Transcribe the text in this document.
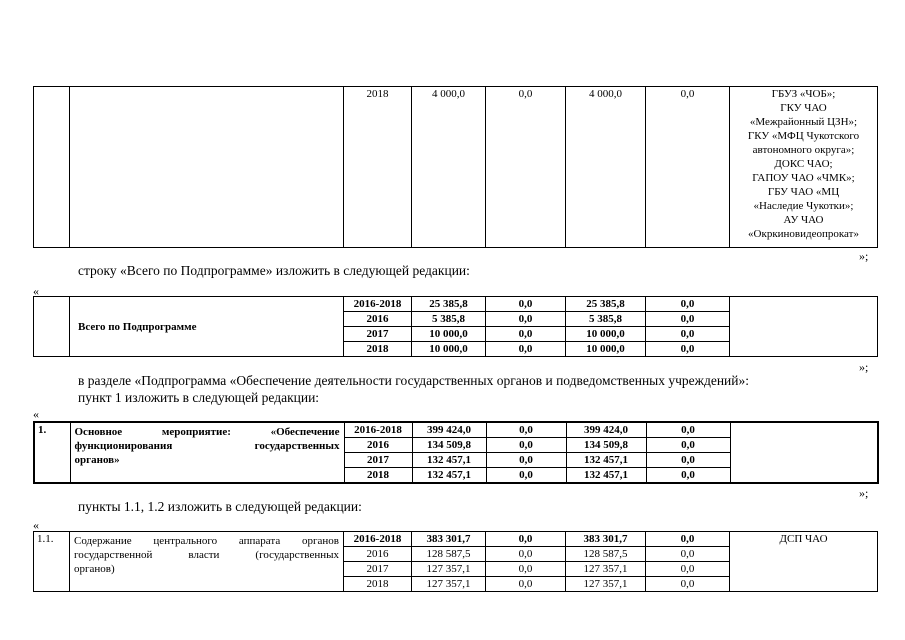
		2018	4 000,0	0,0	4 000,0	0,0	ГБУЗ «ЧОБ»;
ГКУ ЧАО
«Межрайонный ЦЗН»;
ГКУ «МФЦ Чукотского
автономного округа»;
ДОКС ЧАО;
ГАПОУ ЧАО «ЧМК»;
ГБУ ЧАО «МЦ
«Наследие Чукотки»;
АУ ЧАО
«Окркиновидеопрокат»
»;
строку «Всего по Подпрограмме» изложить в следующей редакции:
«
	Всего по Подпрограмме	2016-2018	25 385,8	0,0	25 385,8	0,0	
		2016	5 385,8	0,0	5 385,8	0,0	
		2017	10 000,0	0,0	10 000,0	0,0	
		2018	10 000,0	0,0	10 000,0	0,0	
»;
в разделе «Подпрограмма «Обеспечение деятельности государственных органов и подведомственных учреждений»:
пункт 1 изложить в следующей редакции:
«
1.	Основное мероприятие: «Обеспечение
функционирования государственных
органов»	2016-2018	399 424,0	0,0	399 424,0	0,0	
		2016	134 509,8	0,0	134 509,8	0,0	
		2017	132 457,1	0,0	132 457,1	0,0	
		2018	132 457,1	0,0	132 457,1	0,0	
»;
пункты 1.1, 1.2 изложить в следующей редакции:
«
1.1.	Содержание центрального аппарата органов
государственной власти (государственных
органов)	2016-2018	383 301,7	0,0	383 301,7	0,0	ДСП ЧАО
		2016	128 587,5	0,0	128 587,5	0,0	
		2017	127 357,1	0,0	127 357,1	0,0	
		2018	127 357,1	0,0	127 357,1	0,0	
